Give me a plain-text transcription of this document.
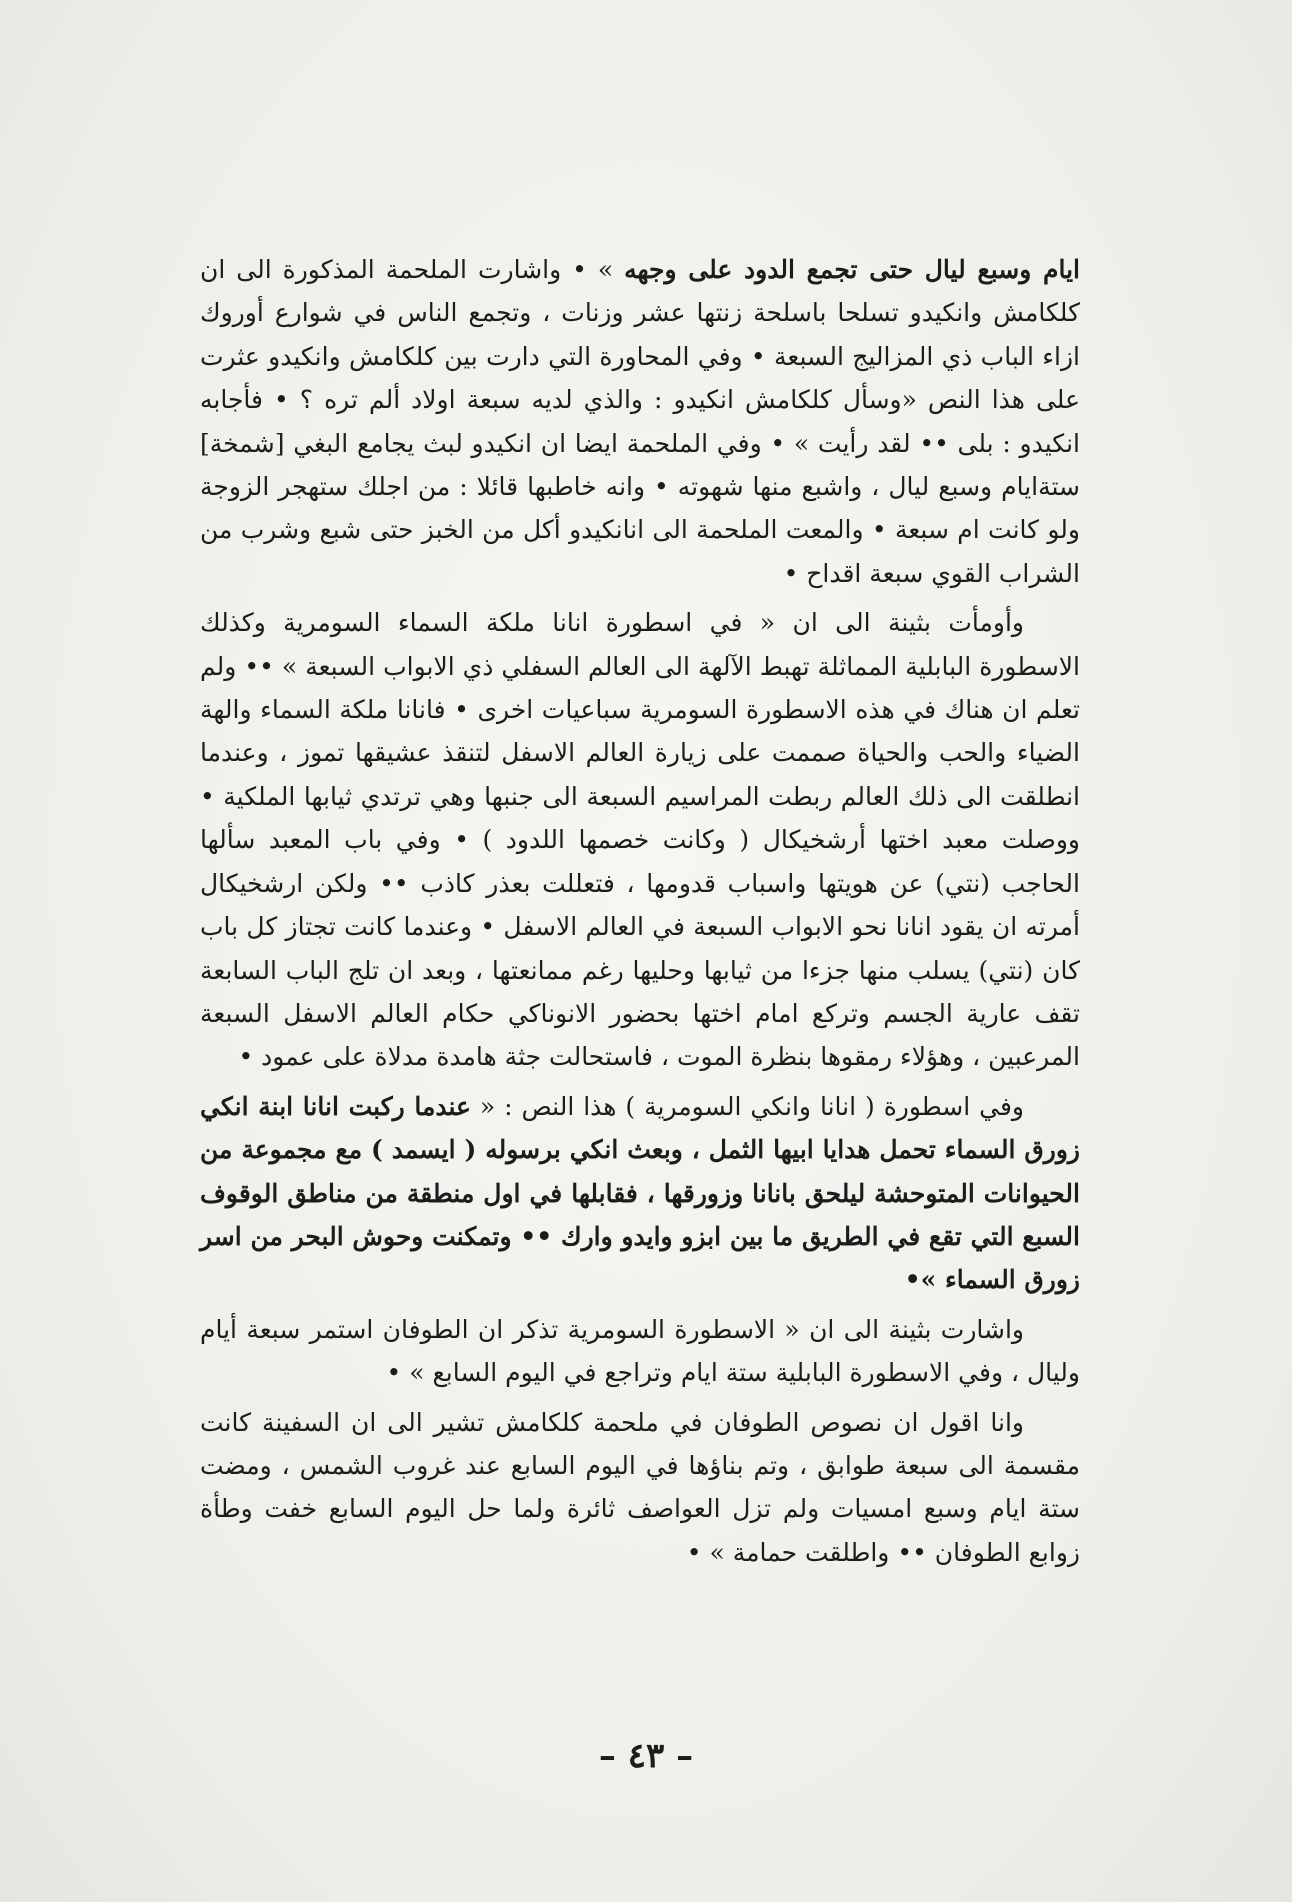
ايام وسبع ليال حتى تجمع الدود على وجهه » • واشارت الملحمة المذكورة الى ان كلكامش وانكيدو تسلحا باسلحة زنتها عشر وزنات ، وتجمع الناس في شوارع أوروك ازاء الباب ذي المزاليج السبعة • وفي المحاورة التي دارت بين كلكامش وانكيدو عثرت على هذا النص «وسأل كلكامش انكيدو : والذي لديه سبعة اولاد ألم تره ؟ • فأجابه انكيدو : بلى •• لقد رأيت » • وفي الملحمة ايضا ان انكيدو لبث يجامع البغي [شمخة] ستةايام وسبع ليال ، واشبع منها شهوته • وانه خاطبها قائلا : من اجلك ستهجر الزوجة ولو كانت ام سبعة • والمعت الملحمة الى انانكيدو أكل من الخبز حتى شبع وشرب من الشراب القوي سبعة اقداح •

وأومأت بثينة الى ان « في اسطورة انانا ملكة السماء السومرية وكذلك الاسطورة البابلية المماثلة تهبط الآلهة الى العالم السفلي ذي الابواب السبعة » •• ولم تعلم ان هناك في هذه الاسطورة السومرية سباعيات اخرى • فانانا ملكة السماء والهة الضياء والحب والحياة صممت على زيارة العالم الاسفل لتنقذ عشيقها تموز ، وعندما انطلقت الى ذلك العالم ربطت المراسيم السبعة الى جنبها وهي ترتدي ثيابها الملكية • ووصلت معبد اختها أرشخيكال ( وكانت خصمها اللدود ) • وفي باب المعبد سألها الحاجب (نتي) عن هويتها واسباب قدومها ، فتعللت بعذر كاذب •• ولكن ارشخيكال أمرته ان يقود انانا نحو الابواب السبعة في العالم الاسفل • وعندما كانت تجتاز كل باب كان (نتي) يسلب منها جزءا من ثيابها وحليها رغم ممانعتها ، وبعد ان تلج الباب السابعة تقف عارية الجسم وتركع امام اختها بحضور الانوناكي حكام العالم الاسفل السبعة المرعبين ، وهؤلاء رمقوها بنظرة الموت ، فاستحالت جثة هامدة مدلاة على عمود •

وفي اسطورة ( انانا وانكي السومرية ) هذا النص : « عندما ركبت انانا ابنة انكي زورق السماء تحمل هدايا ابيها الثمل ، وبعث انكي برسوله ( ايسمد ) مع مجموعة من الحيوانات المتوحشة ليلحق بانانا وزورقها ، فقابلها في اول منطقة من مناطق الوقوف السبع التي تقع في الطريق ما بين ابزو وايدو وارك •• وتمكنت وحوش البحر من اسر زورق السماء »•

واشارت بثينة الى ان « الاسطورة السومرية تذكر ان الطوفان استمر سبعة أيام وليال ، وفي الاسطورة البابلية ستة ايام وتراجع في اليوم السابع » •

وانا اقول ان نصوص الطوفان في ملحمة كلكامش تشير الى ان السفينة كانت مقسمة الى سبعة طوابق ، وتم بناؤها في اليوم السابع عند غروب الشمس ، ومضت ستة ايام وسبع امسيات ولم تزل العواصف ثائرة ولما حل اليوم السابع خفت وطأة زوابع الطوفان •• واطلقت حمامة » •

– ٤٣ –
